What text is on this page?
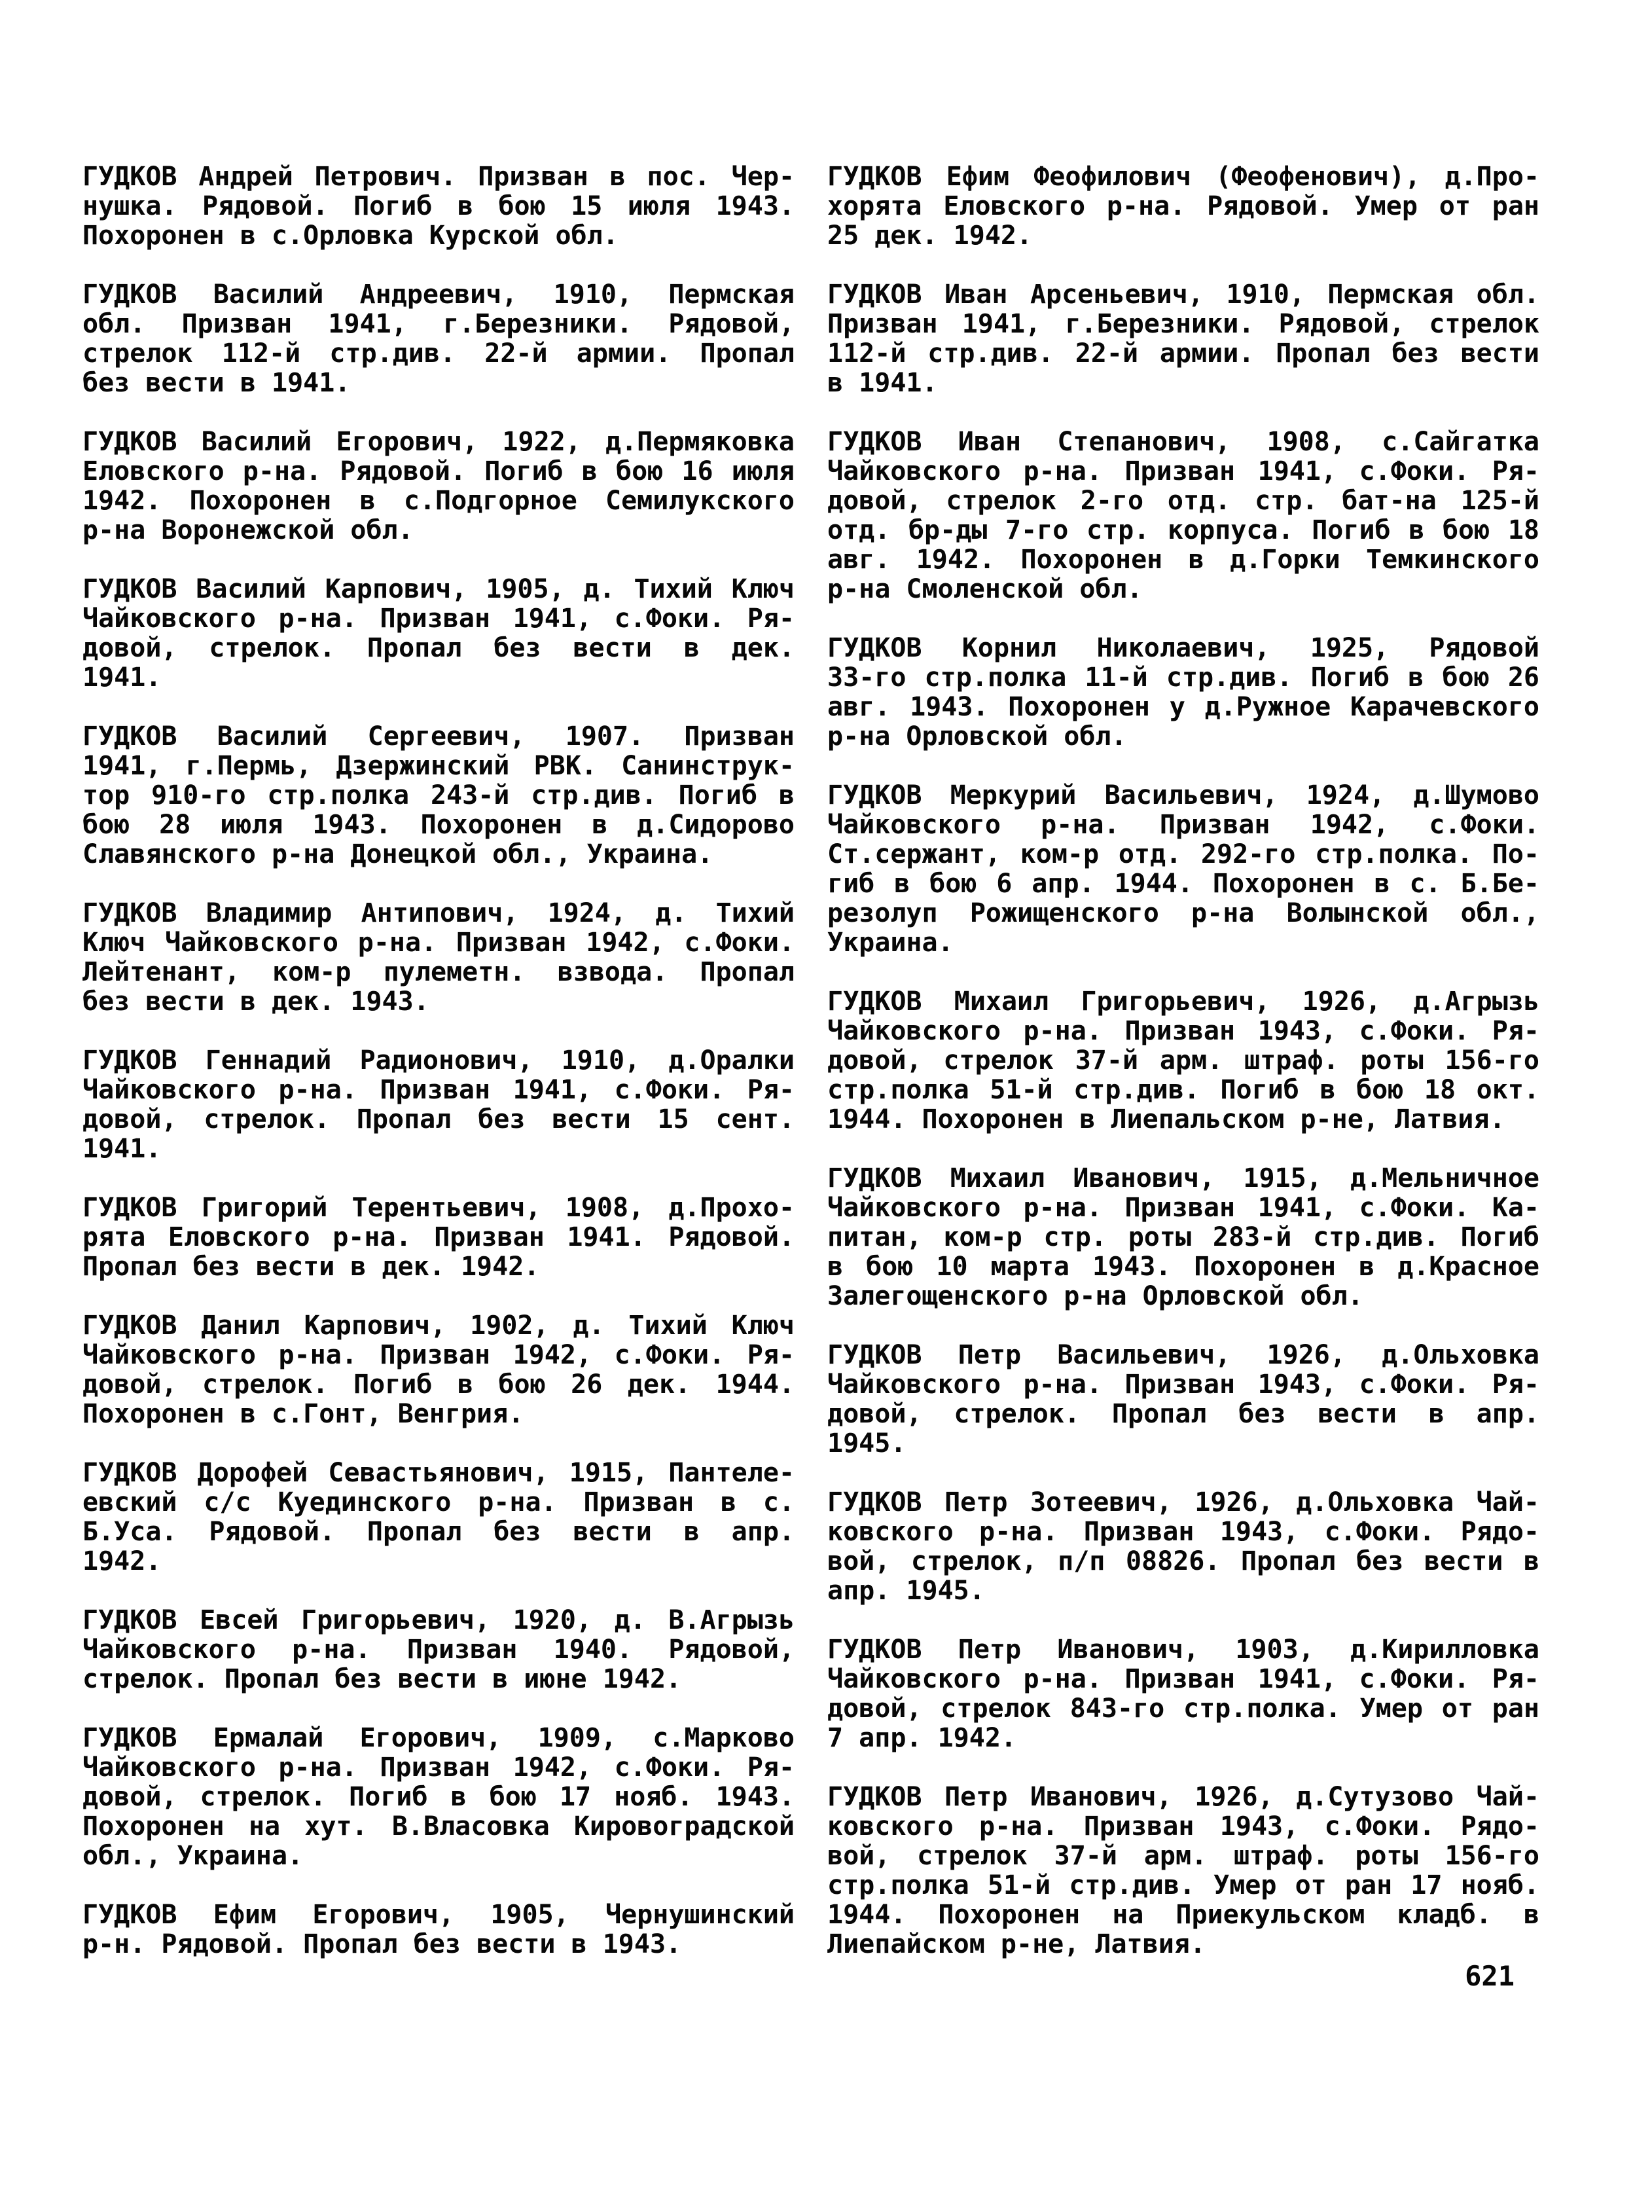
ГУДКОВ Андрей Петрович. Призван в пос. Чер-
нушка. Рядовой. Погиб в бою 15 июля 1943.
Похоронен в с.Орловка Курской обл.
ГУДКОВ Василий Андреевич, 1910, Пермская
обл. Призван 1941, г.Березники. Рядовой,
стрелок 112-й стр.див. 22-й армии. Пропал
без вести в 1941.
ГУДКОВ Василий Егорович, 1922, д.Пермяковка
Еловского р-на. Рядовой. Погиб в бою 16 июля
1942. Похоронен в с.Подгорное Семилукского
р-на Воронежской обл.
ГУДКОВ Василий Карпович, 1905, д. Тихий Ключ
Чайковского р-на. Призван 1941, с.Фоки. Ря-
довой, стрелок. Пропал без вести в дек.
1941.
ГУДКОВ Василий Сергеевич, 1907. Призван
1941, г.Пермь, Дзержинский РВК. Санинструк-
тор 910-го стр.полка 243-й стр.див. Погиб в
бою 28 июля 1943. Похоронен в д.Сидорово
Славянского р-на Донецкой обл., Украина.
ГУДКОВ Владимир Антипович, 1924, д. Тихий
Ключ Чайковского р-на. Призван 1942, с.Фоки.
Лейтенант, ком-р пулеметн. взвода. Пропал
без вести в дек. 1943.
ГУДКОВ Геннадий Радионович, 1910, д.Оралки
Чайковского р-на. Призван 1941, с.Фоки. Ря-
довой, стрелок. Пропал без вести 15 сент.
1941.
ГУДКОВ Григорий Терентьевич, 1908, д.Прохо-
рята Еловского р-на. Призван 1941. Рядовой.
Пропал без вести в дек. 1942.
ГУДКОВ Данил Карпович, 1902, д. Тихий Ключ
Чайковского р-на. Призван 1942, с.Фоки. Ря-
довой, стрелок. Погиб в бою 26 дек. 1944.
Похоронен в с.Гонт, Венгрия.
ГУДКОВ Дорофей Севастьянович, 1915, Пантеле-
евский с/с Куединского р-на. Призван в с.
Б.Уса. Рядовой. Пропал без вести в апр.
1942.
ГУДКОВ Евсей Григорьевич, 1920, д. В.Агрызь
Чайковского р-на. Призван 1940. Рядовой,
стрелок. Пропал без вести в июне 1942.
ГУДКОВ Ермалай Егорович, 1909, с.Марково
Чайковского р-на. Призван 1942, с.Фоки. Ря-
довой, стрелок. Погиб в бою 17 нояб. 1943.
Похоронен на хут. В.Власовка Кировоградской
обл., Украина.
ГУДКОВ Ефим Егорович, 1905, Чернушинский
р-н. Рядовой. Пропал без вести в 1943.
ГУДКОВ Ефим Феофилович (Феофенович), д.Про-
хорята Еловского р-на. Рядовой. Умер от ран
25 дек. 1942.
ГУДКОВ Иван Арсеньевич, 1910, Пермская обл.
Призван 1941, г.Березники. Рядовой, стрелок
112-й стр.див. 22-й армии. Пропал без вести
в 1941.
ГУДКОВ Иван Степанович, 1908, с.Сайгатка
Чайковского р-на. Призван 1941, с.Фоки. Ря-
довой, стрелок 2-го отд. стр. бат-на 125-й
отд. бр-ды 7-го стр. корпуса. Погиб в бою 18
авг. 1942. Похоронен в д.Горки Темкинского
р-на Смоленской обл.
ГУДКОВ Корнил Николаевич, 1925, Рядовой
33-го стр.полка 11-й стр.див. Погиб в бою 26
авг. 1943. Похоронен у д.Ружное Карачевского
р-на Орловской обл.
ГУДКОВ Меркурий Васильевич, 1924, д.Шумово
Чайковского р-на. Призван 1942, с.Фоки.
Ст.сержант, ком-р отд. 292-го стр.полка. По-
гиб в бою 6 апр. 1944. Похоронен в с. Б.Бе-
резолуп Рожищенского р-на Волынской обл.,
Украина.
ГУДКОВ Михаил Григорьевич, 1926, д.Агрызь
Чайковского р-на. Призван 1943, с.Фоки. Ря-
довой, стрелок 37-й арм. штраф. роты 156-го
стр.полка 51-й стр.див. Погиб в бою 18 окт.
1944. Похоронен в Лиепальском р-не, Латвия.
ГУДКОВ Михаил Иванович, 1915, д.Мельничное
Чайковского р-на. Призван 1941, с.Фоки. Ка-
питан, ком-р стр. роты 283-й стр.див. Погиб
в бою 10 марта 1943. Похоронен в д.Красное
Залегощенского р-на Орловской обл.
ГУДКОВ Петр Васильевич, 1926, д.Ольховка
Чайковского р-на. Призван 1943, с.Фоки. Ря-
довой, стрелок. Пропал без вести в апр.
1945.
ГУДКОВ Петр Зотеевич, 1926, д.Ольховка Чай-
ковского р-на. Призван 1943, с.Фоки. Рядо-
вой, стрелок, п/п 08826. Пропал без вести в
апр. 1945.
ГУДКОВ Петр Иванович, 1903, д.Кирилловка
Чайковского р-на. Призван 1941, с.Фоки. Ря-
довой, стрелок 843-го стр.полка. Умер от ран
7 апр. 1942.
ГУДКОВ Петр Иванович, 1926, д.Сутузово Чай-
ковского р-на. Призван 1943, с.Фоки. Рядо-
вой, стрелок 37-й арм. штраф. роты 156-го
стр.полка 51-й стр.див. Умер от ран 17 нояб.
1944. Похоронен на Приекульском кладб. в
Лиепайском р-не, Латвия.
621
